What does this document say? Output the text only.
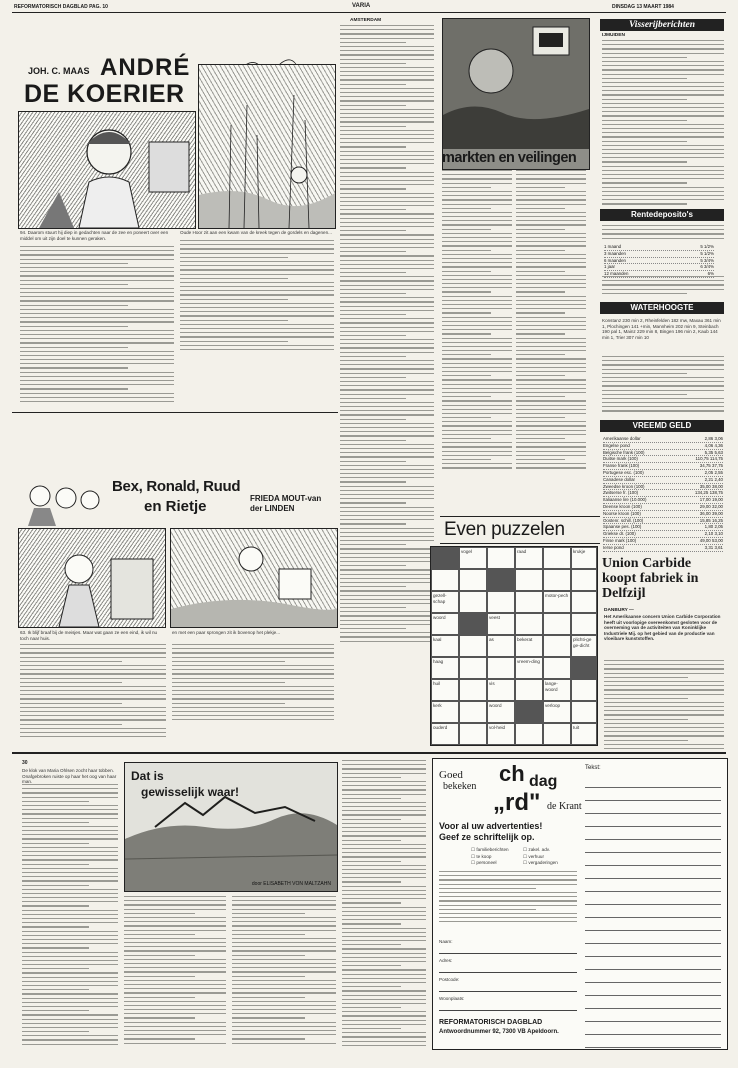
REFORMATORISCH DAGBLAD PAG. 10	VARIA	DINSDAG 13 MAART 1984
JOH. C. MAAS ANDRÉ
DE KOERIER
94. Daarom stuurt hij diep in gedachten naar de zee en poneert over een middel om uit zijn doel te kunnen geraken.
Oude Hoor zit aan een kwam van de kreek tegen de gordels en dagenen...
AMSTERDAM
markten en veilingen
Visserijberichten
IJMUIDEN
Rentedeposito's
1 maand	5 1/2%
3 maanden	5 1/2%
6 maanden	5 3/4%
1 jaar	6 3/4%
12 maanden	6%
WATERHOOGTE
Konstanz 230 min 2, Rheinfelden 182 mw, Maxau 361 min 1, Plochingen 141 +min, Mannheim 202 min 9, Steinbach 190 pal 1, Mainz 229 min 8, Bingen 196 min 2, Kaub 144 min 1, Trier 307 min 10
VREEMD GELD
Amerikaanse dollar	2,86 3,06
Engelse pond	4,06 4,36
Belgische frank (100)	5,35 5,63
Duitse mark (100)	110,75 114,75
Franse frank (100)	34,75 37,75
Portugese esc. (100)	2,05 2,55
Canadese dollar	2,21 2,40
Zweedse kroon (100)	35,00 38,00
Zwitserse fr. (100)	134,25 138,75
Italiaanse lire (10.000)	17,00 19,00
Deense kroon (100)	29,00 32,00
Noorse kroon (100)	36,00 39,00
Oostenr. schill. (100)	15,85 16,25
Spaanse pes. (100)	1,80 2,05
Griekse dr. (100)	2,10 3,10
Finse mark (100)	49,00 53,00
Ierse pond	3,31 3,61
Union Carbide koopt fabriek in Delfzijl
DANBURY —
Het Amerikaanse concern Union Carbide Corporation heeft uit voorlopige overeenkomst gesloten voor de overneming van de activiteiten van Koninklijke Industriele Mij. op het gebied van de productie van vloeibare kunststoffen.
Bex, Ronald, Ruud
en Rietje	FRIEDA MOUT-van der LINDEN
63. Ik blijf braaf bij de meisjes. Maar wat gaan ze een eind, ik wil nu toch naar huis.
en met een paar sprongen zit ik bovenop het plekje...
Even puzzelen
vogel	raad	krukje
gezell-schap
motor-pech
woord	veest
kaal	as	bekerat	plichti-ge ge-dicht
haag	vreem-ding
huil	vis	lange-woord
kerk	woord	verloop
ouderd	vol-heid	Iuit
30
De klok van Maria Ohlsen zocht haar tobben. Onafgebroken ruiste op haar het oog van haar man.	Dat is
gewisselijk waar!
door ELISABETH VON MALTZAHN
Goed
bekeken
ch dag
„rd" de Krant
Voor al uw advertenties!
Geef ze schriftelijk op.
☐ familieberichten	☐ zakel. adv.
☐ te koop	☐ verhuur
☐ personeel	☐ vergaderingen
Naam:
Adres:
Postcode:
Woonplaats:
REFORMATORISCH DAGBLAD
Antwoordnummer 92, 7300 VB Apeldoorn.
Tekst:
